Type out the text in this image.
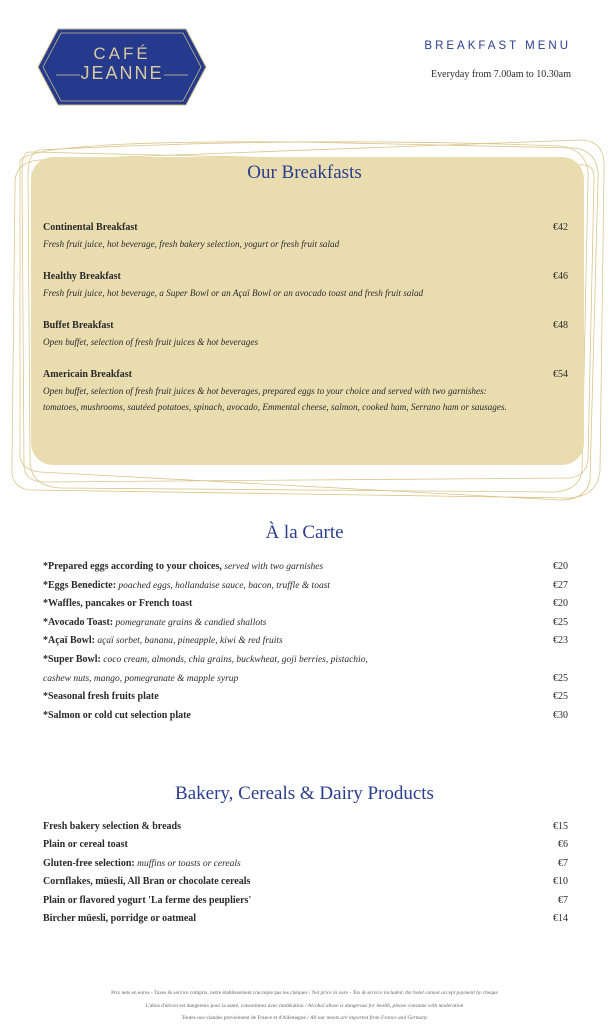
CAFÉ
JEANNE
BREAKFAST MENU
Everyday from 7.00am to 10.30am
Our Breakfasts
Continental Breakfast	€42
Fresh fruit juice, hot beverage, fresh bakery selection, yogurt or fresh fruit salad
Healthy Breakfast	€46
Fresh fruit juice, hot beverage, a Super Bowl or an Açaï Bowl or an avocado toast and fresh fruit salad
Buffet Breakfast	€48
Open buffet, selection of fresh fruit juices & hot beverages
Americain Breakfast	€54
Open buffet, selection of fresh fruit juices & hot beverages, prepared eggs to your choice and served with two garnishes:
tomatoes, mushrooms, sautéed potatoes, spinach, avocado, Emmental cheese, salmon, cooked ham, Serrano ham or sausages.
À la Carte
*Prepared eggs according to your choices, served with two garnishes	€20
*Eggs Benedicte: poached eggs, hollandaise sauce, bacon, truffle & toast	€27
*Waffles, pancakes or French toast	€20
*Avocado Toast: pomegranate grains & candied shallots	€25
*Açaï Bowl: açaï sorbet, banana, pineapple, kiwi & red fruits	€23
*Super Bowl: coco cream, almonds, chia grains, buckwheat, goji berries, pistachio,
cashew nuts, mango, pomegranate & mapple syrup	€25
*Seasonal fresh fruits plate	€25
*Salmon or cold cut selection plate	€30
Bakery, Cereals & Dairy Products
Fresh bakery selection & breads	€15
Plain or cereal toast	€6
Gluten-free selection: muffins or toasts or cereals	€7
Cornflakes, müesli, All Bran or chocolate cereals	€10
Plain or flavored yogurt 'La ferme des peupliers'	€7
Bircher müesli, porridge or oatmeal	€14
Prix nets en euros - Taxes & service compris, notre établissement n'accepte pas les chèques / Net price in euro - Tax & service included, the hotel cannot accept payment by cheque
L'abus d'alcool est dangereux pour la santé, consommez avec modération / Alcohol abuse is dangerous for health, please consume with moderation
Toutes nos viandes proviennent de France et d'Allemagne / All our meats are imported from France and Germany
